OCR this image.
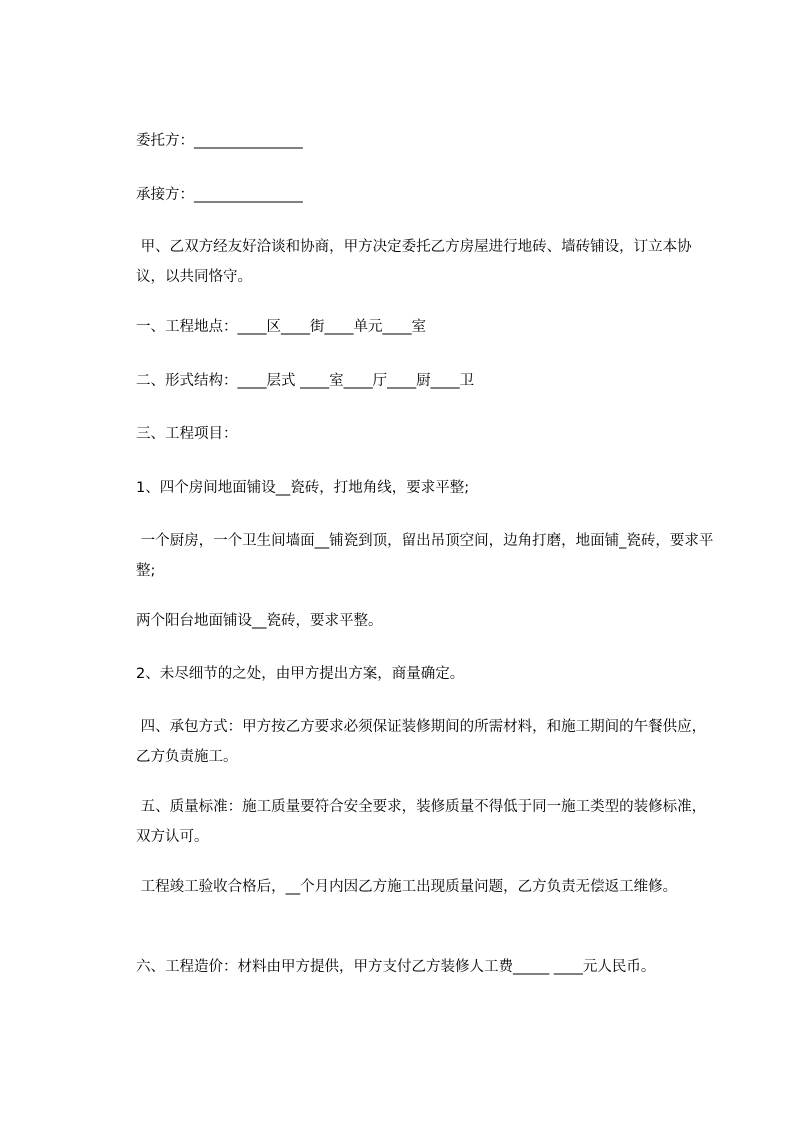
委托方：_______________

承接方：_______________

甲、乙双方经友好洽谈和协商，甲方决定委托乙方房屋进行地砖、墙砖铺设，订立本协议，以共同恪守。

一、工程地点：____区____街____单元____室

二、形式结构：____层式 ____室____厅____厨____卫

三、工程项目：

1、四个房间地面铺设__瓷砖，打地角线，要求平整;

一个厨房，一个卫生间墙面__铺瓷到顶，留出吊顶空间，边角打磨，地面铺_瓷砖，要求平整;

两个阳台地面铺设__瓷砖，要求平整。

2、未尽细节的之处，由甲方提出方案，商量确定。

四、承包方式：甲方按乙方要求必须保证装修期间的所需材料，和施工期间的午餐供应，乙方负责施工。

五、质量标准：施工质量要符合安全要求，装修质量不得低于同一施工类型的装修标准，双方认可。

工程竣工验收合格后，__个月内因乙方施工出现质量问题，乙方负责无偿返工维修。

六、工程造价：材料由甲方提供，甲方支付乙方装修人工费_____ ____元人民币。
